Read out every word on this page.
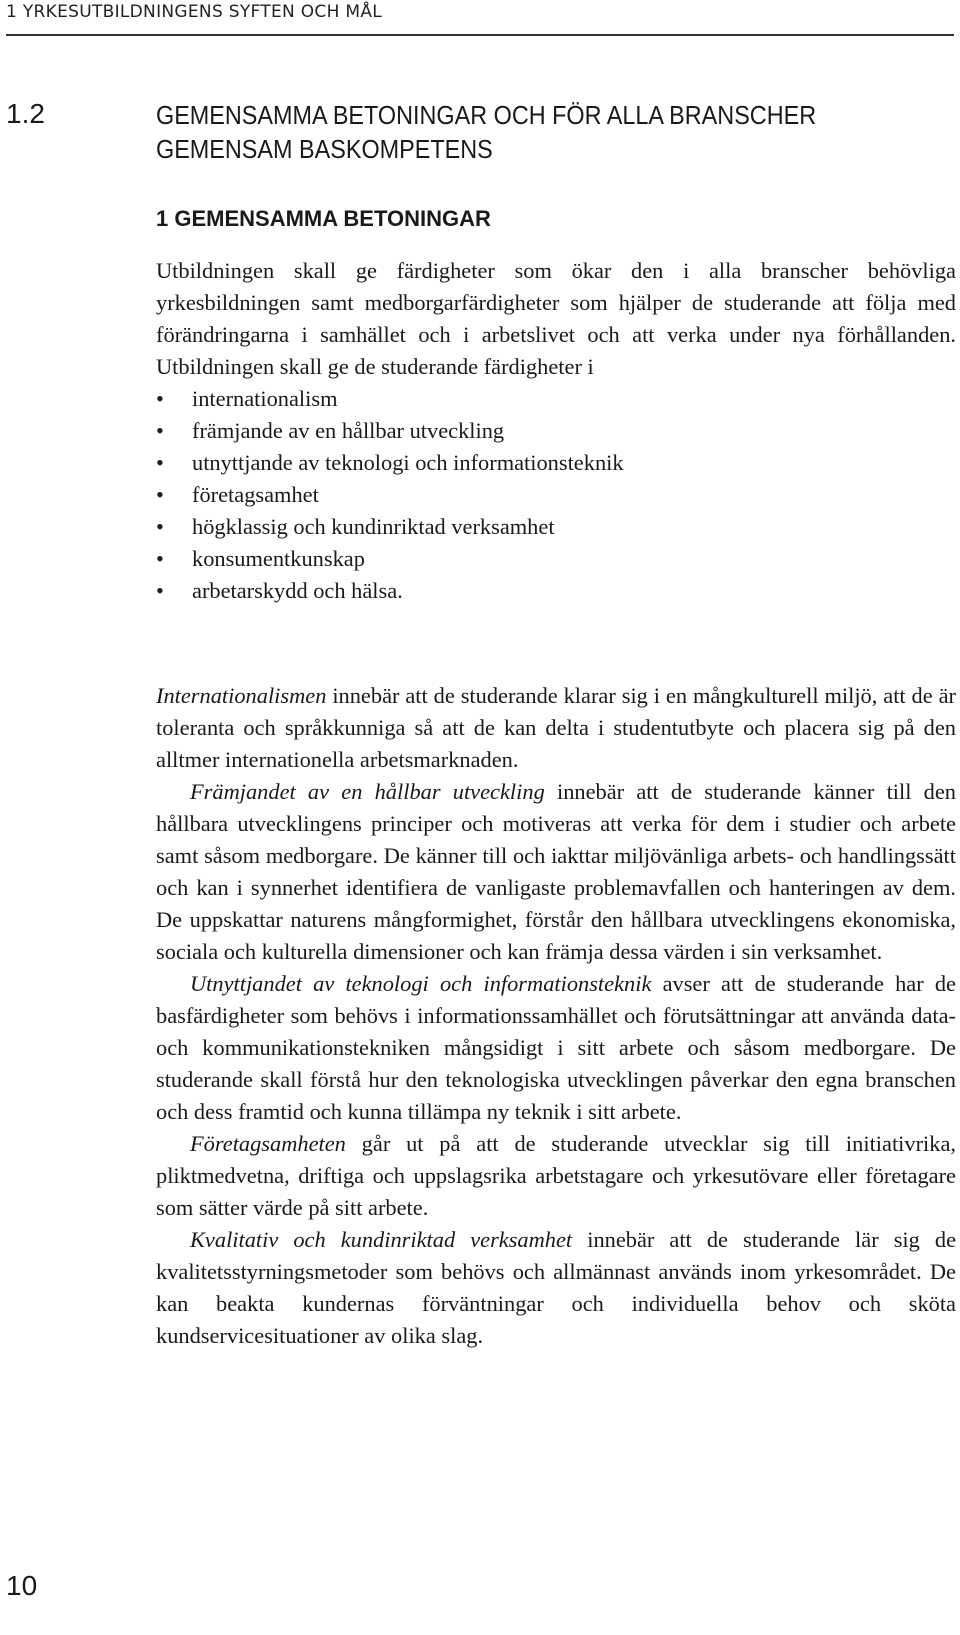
1 YRKESUTBILDNINGENS SYFTEN OCH MÅL
1.2	GEMENSAMMA BETONINGAR OCH FÖR ALLA BRANSCHER
GEMENSAM BASKOMPETENS
1 GEMENSAMMA BETONINGAR

Utbildningen skall ge färdigheter som ökar den i alla branscher behövliga yrkesbildningen samt medborgarfärdigheter som hjälper de studerande att följa med förändringarna i samhället och i arbetslivet och att verka under nya förhållanden. Utbildningen skall ge de studerande färdigheter i

• internationalism
• främjande av en hållbar utveckling
• utnyttjande av teknologi och informationsteknik
• företagsamhet
• högklassig och kundinriktad verksamhet
• konsumentkunskap
• arbetarskydd och hälsa.

Internationalismen innebär att de studerande klarar sig i en mångkulturell miljö, att de är toleranta och språkkunniga så att de kan delta i studentutbyte och placera sig på den alltmer internationella arbetsmarknaden.

Främjandet av en hållbar utveckling innebär att de studerande känner till den hållbara utvecklingens principer och motiveras att verka för dem i studier och arbete samt såsom medborgare. De känner till och iakttar miljövänliga arbets- och handlingssätt och kan i synnerhet identifiera de vanligaste problemavfallen och hanteringen av dem. De uppskattar naturens mångformighet, förstår den hållbara utvecklingens ekonomiska, sociala och kulturella dimensioner och kan främja dessa värden i sin verksamhet.

Utnyttjandet av teknologi och informationsteknik avser att de studerande har de basfärdigheter som behövs i informationssamhället och förutsättningar att använda data- och kommunikationstekniken mångsidigt i sitt arbete och såsom medborgare. De studerande skall förstå hur den teknologiska utvecklingen påverkar den egna branschen och dess framtid och kunna tillämpa ny teknik i sitt arbete.

Företagsamheten går ut på att de studerande utvecklar sig till initiativrika, pliktmedvetna, driftiga och uppslagsrika arbetstagare och yrkesutövare eller företagare som sätter värde på sitt arbete.

Kvalitativ och kundinriktad verksamhet innebär att de studerande lär sig de kvalitetsstyrningsmetoder som behövs och allmännast används inom yrkesområdet. De kan beakta kundernas förväntningar och individuella behov och sköta kundservicesituationer av olika slag.

10
